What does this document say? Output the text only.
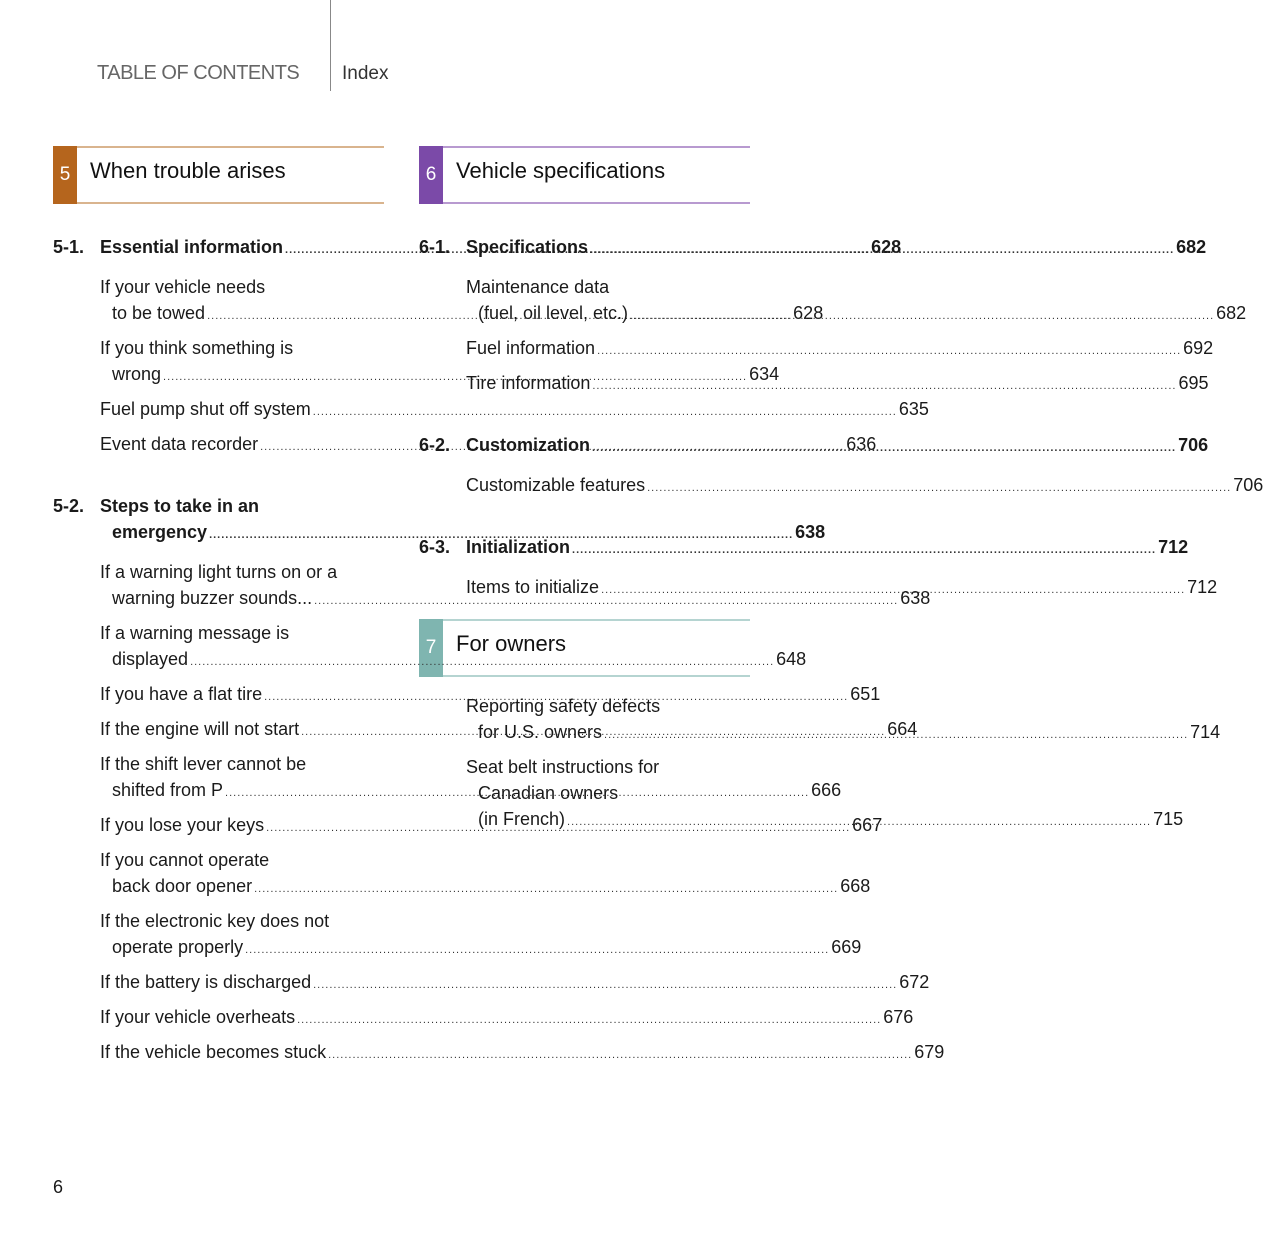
TABLE OF CONTENTS Index
5 When trouble arises	6 Vehicle specifications
7 For owners
5-1. Essential information .....	628
If your vehicle needs
to be towed .....	628
If you think something is
wrong .....	634
Fuel pump shut off system .....	635
Event data recorder .....	636
5-2. Steps to take in an
emergency .....	638
If a warning light turns on or a
warning buzzer sounds... .....	638
If a warning message is
displayed .....	648
If you have a flat tire .....	651
If the engine will not start .....	664
If the shift lever cannot be
shifted from P .....	666
If you lose your keys .....	667
If you cannot operate
back door opener .....	668
If the electronic key does not
operate properly .....	669
If the battery is discharged .....	672
If your vehicle overheats .....	676
If the vehicle becomes stuck .....	679
6-1. Specifications .....	682
Maintenance data
(fuel, oil level, etc.) .....	682
Fuel information .....	692
Tire information .....	695
6-2. Customization .....	706
Customizable features .....	706
6-3. Initialization .....	712
Items to initialize .....	712
Reporting safety defects
for U.S. owners .....	714
Seat belt instructions for
Canadian owners
(in French) .....	715
6
